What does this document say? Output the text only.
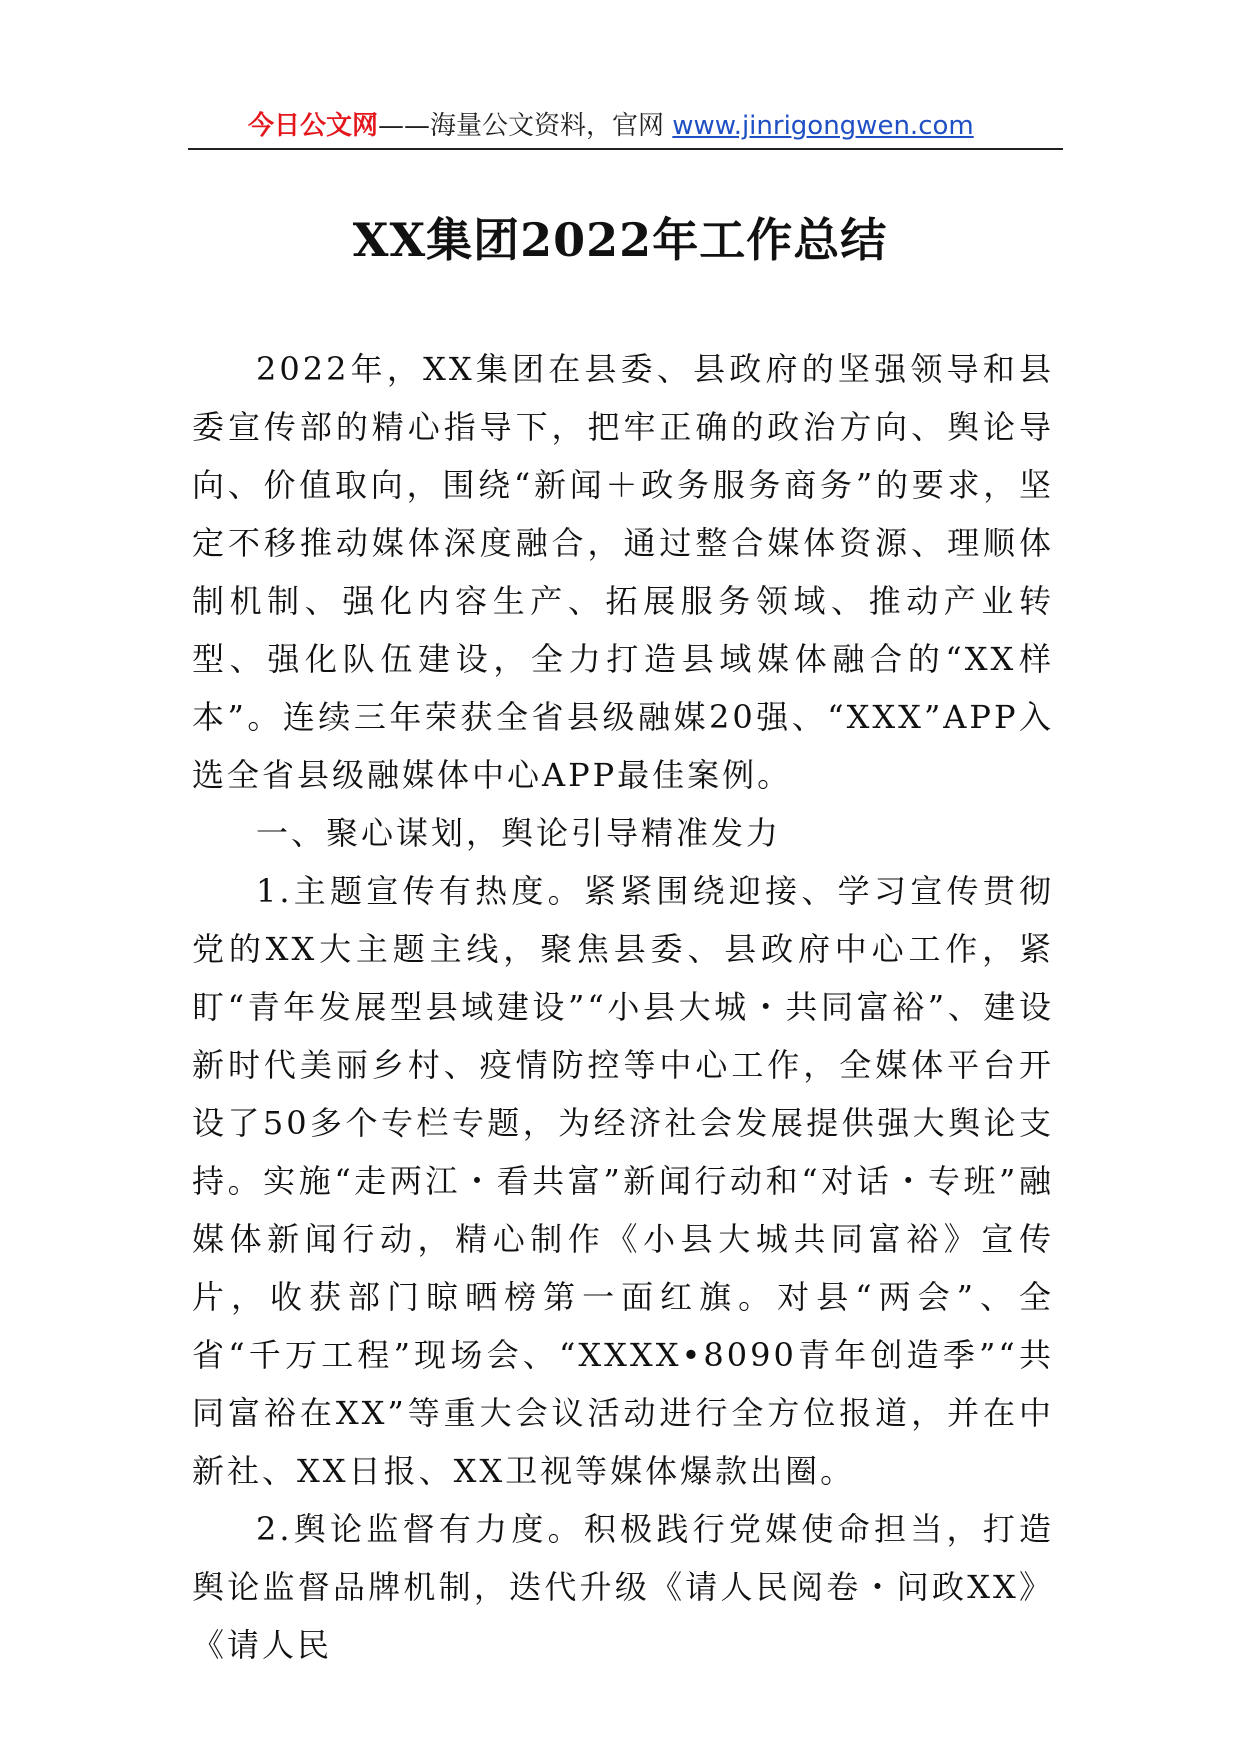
今日公文网——海量公文资料，官网 www.jinrigongwen.com
XX集团2022年工作总结

2022年，XX集团在县委、县政府的坚强领导和县委宣传部的精心指导下，把牢正确的政治方向、舆论导向、价值取向，围绕“新闻＋政务服务商务”的要求，坚定不移推动媒体深度融合，通过整合媒体资源、理顺体制机制、强化内容生产、拓展服务领域、推动产业转型、强化队伍建设，全力打造县域媒体融合的“XX样本”。连续三年荣获全省县级融媒20强、“XXX”APP入选全省县级融媒体中心APP最佳案例。

一、聚心谋划，舆论引导精准发力

1.主题宣传有热度。紧紧围绕迎接、学习宣传贯彻党的XX大主题主线，聚焦县委、县政府中心工作，紧盯“青年发展型县域建设”“小县大城・共同富裕”、建设新时代美丽乡村、疫情防控等中心工作，全媒体平台开设了50多个专栏专题，为经济社会发展提供强大舆论支持。实施“走两江・看共富”新闻行动和“对话・专班”融媒体新闻行动，精心制作《小县大城共同富裕》宣传片，收获部门晾晒榜第一面红旗。对县“两会”、全省“千万工程”现场会、“XXXX•8090青年创造季”“共同富裕在XX”等重大会议活动进行全方位报道，并在中新社、XX日报、XX卫视等媒体爆款出圈。

2.舆论监督有力度。积极践行党媒使命担当，打造舆论监督品牌机制，迭代升级《请人民阅卷・问政XX》《请人民
